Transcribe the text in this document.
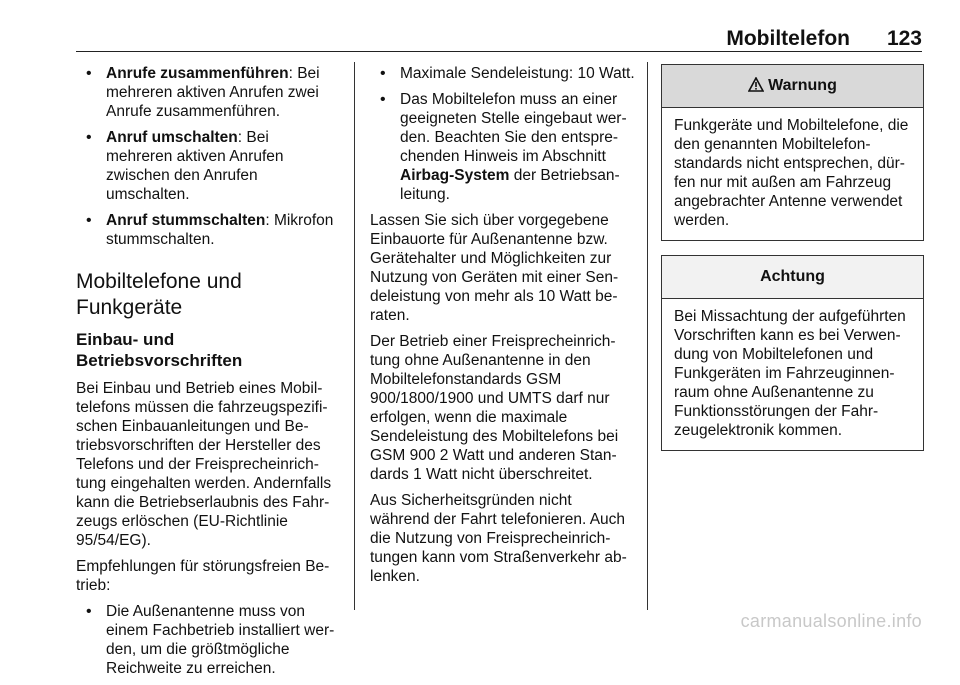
Mobiltelefon 123
• Anrufe zusammenführen: Bei mehreren aktiven Anrufen zwei Anrufe zusammenführen.
• Anruf umschalten: Bei mehreren aktiven Anrufen zwischen den Anrufen umschalten.
• Anruf stummschalten: Mikrofon stummschalten.
Mobiltelefone und Funkgeräte
Einbau- und Betriebsvorschriften

Bei Einbau und Betrieb eines Mobiltelefons müssen die fahrzeugspezifischen Einbauanleitungen und Betriebsvorschriften der Hersteller des Telefons und der Freisprecheinrichtung eingehalten werden. Andernfalls kann die Betriebserlaubnis des Fahrzeugs erlöschen (EU-Richtlinie 95/54/EG).

Empfehlungen für störungsfreien Betrieb:

• Die Außenantenne muss von einem Fachbetrieb installiert werden, um die größtmögliche Reichweite zu erreichen.
• Maximale Sendeleistung: 10 Watt.
• Das Mobiltelefon muss an einer geeigneten Stelle eingebaut werden. Beachten Sie den entsprechenden Hinweis im Abschnitt Airbag-System der Betriebsanleitung.

Lassen Sie sich über vorgegebene Einbauorte für Außenantenne bzw. Gerätehalter und Möglichkeiten zur Nutzung von Geräten mit einer Sendeleistung von mehr als 10 Watt beraten.

Der Betrieb einer Freisprecheinrichtung ohne Außenantenne in den Mobiltelefonstandards GSM 900/1800/1900 und UMTS darf nur erfolgen, wenn die maximale Sendeleistung des Mobiltelefons bei GSM 900 2 Watt und anderen Standards 1 Watt nicht überschreitet.

Aus Sicherheitsgründen nicht während der Fahrt telefonieren. Auch die Nutzung von Freisprecheinrichtungen kann vom Straßenverkehr ablenken.

Warnung
Funkgeräte und Mobiltelefone, die den genannten Mobiltelefonstandards nicht entsprechen, dürfen nur mit außen am Fahrzeug angebrachter Antenne verwendet werden.
Achtung
Bei Missachtung der aufgeführten Vorschriften kann es bei Verwendung von Mobiltelefonen und Funkgeräten im Fahrzeuginnenraum ohne Außenantenne zu Funktionsstörungen der Fahrzeugelektronik kommen.
carmanualsonline.info
